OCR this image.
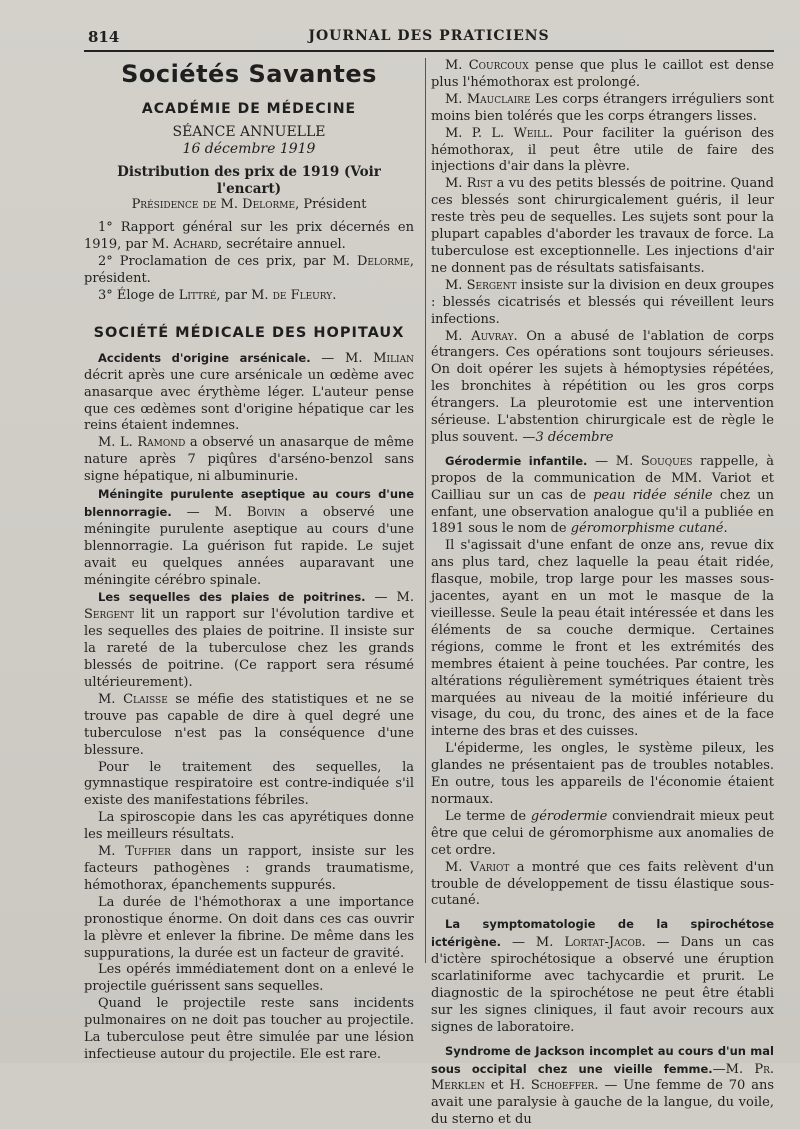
814	JOURNAL DES PRATICIENS
Sociétés Savantes
ACADÉMIE DE MÉDECINE

SÉANCE ANNUELLE

16 décembre 1919

Distribution des prix de 1919 (Voir l'encart)

Présidence de M. Delorme, Président

1° Rapport général sur les prix décernés en 1919, par M. Achard, secrétaire annuel.

2° Proclamation de ces prix, par M. Delorme, président.

3° Éloge de Littré, par M. de Fleury.

SOCIÉTÉ MÉDICALE DES HOPITAUX

Accidents d'origine arsénicale. — M. Milian décrit après une cure arsénicale un œdème avec anasarque avec érythème léger. L'auteur pense que ces œdèmes sont d'origine hépatique car les reins étaient indemnes.

M. L. Ramond a observé un anasarque de même nature après 7 piqûres d'arséno-benzol sans signe hépatique, ni albuminurie.

Méningite purulente aseptique au cours d'une blennorragie. — M. Boivin a observé une méningite purulente aseptique au cours d'une blennorragie. La guérison fut rapide. Le sujet avait eu quelques années auparavant une méningite cérébro spinale.

Les sequelles des plaies de poitrines. — M. Sergent lit un rapport sur l'évolution tardive et les sequelles des plaies de poitrine. Il insiste sur la rareté de la tuberculose chez les grands blessés de poitrine. (Ce rapport sera résumé ultérieurement).

M. Claisse se méfie des statistiques et ne se trouve pas capable de dire à quel degré une tuberculose n'est pas la conséquence d'une blessure.

Pour le traitement des sequelles, la gymnastique respiratoire est contre-indiquée s'il existe des manifestations fébriles.

La spiroscopie dans les cas apyrétiques donne les meilleurs résultats.

M. Tuffier dans un rapport, insiste sur les facteurs pathogènes : grands traumatisme, hémothorax, épanchements suppurés.

La durée de l'hémothorax a une importance pronostique énorme. On doit dans ces cas ouvrir la plèvre et enlever la fibrine. De même dans les suppurations, la durée est un facteur de gravité.

Les opérés immédiatement dont on a enlevé le projectile guérissent sans sequelles.

Quand le projectile reste sans incidents pulmonaires on ne doit pas toucher au projectile. La tuberculose peut être simulée par une lésion infectieuse autour du projectile. Ele est rare.

M. Courcoux pense que plus le caillot est dense plus l'hémothorax est prolongé.

M. Mauclaire Les corps étrangers irréguliers sont moins bien tolérés que les corps étrangers lisses.

M. P. L. Weill. Pour faciliter la guérison des hémothorax, il peut être utile de faire des injections d'air dans la plèvre.

M. Rist a vu des petits blessés de poitrine. Quand ces blessés sont chirurgicalement guéris, il leur reste très peu de sequelles. Les sujets sont pour la plupart capables d'aborder les travaux de force. La tuberculose est exceptionnelle. Les injections d'air ne donnent pas de résultats satisfaisants.

M. Sergent insiste sur la division en deux groupes : blessés cicatrisés et blessés qui réveillent leurs infections.

M. Auvray. On a abusé de l'ablation de corps étrangers. Ces opérations sont toujours sérieuses. On doit opérer les sujets à hémoptysies répétées, les bronchites à répétition ou les gros corps étrangers. La pleurotomie est une intervention sérieuse. L'abstention chirurgicale est de règle le plus souvent. —3 décembre

Gérodermie infantile. — M. Souques rappelle, à propos de la communication de MM. Variot et Cailliau sur un cas de peau ridée sénile chez un enfant, une observation analogue qu'il a publiée en 1891 sous le nom de géromorphisme cutané.

Il s'agissait d'une enfant de onze ans, revue dix ans plus tard, chez laquelle la peau était ridée, flasque, mobile, trop large pour les masses sous-jacentes, ayant en un mot le masque de la vieillesse. Seule la peau était intéressée et dans les éléments de sa couche dermique. Certaines régions, comme le front et les extrémités des membres étaient à peine touchées. Par contre, les altérations régulièrement symétriques étaient très marquées au niveau de la moitié inférieure du visage, du cou, du tronc, des aines et de la face interne des bras et des cuisses.

L'épiderme, les ongles, le système pileux, les glandes ne présentaient pas de troubles notables. En outre, tous les appareils de l'économie étaient normaux.

Le terme de gérodermie conviendrait mieux peut être que celui de géromorphisme aux anomalies de cet ordre.

M. Variot a montré que ces faits relèvent d'un trouble de développement de tissu élastique sous-cutané.

La symptomatologie de la spirochétose ictérigène. — M. Lortat-Jacob. — Dans un cas d'ictère spirochétosique a observé une éruption scarlatiniforme avec tachycardie et prurit. Le diagnostic de la spirochétose ne peut être établi sur les signes cliniques, il faut avoir recours aux signes de laboratoire.

Syndrome de Jackson incomplet au cours d'un mal sous occipital chez une vieille femme.—M. Pr. Merklen et H. Schoeffer. — Une femme de 70 ans avait une paralysie à gauche de la langue, du voile, du sterno et du
